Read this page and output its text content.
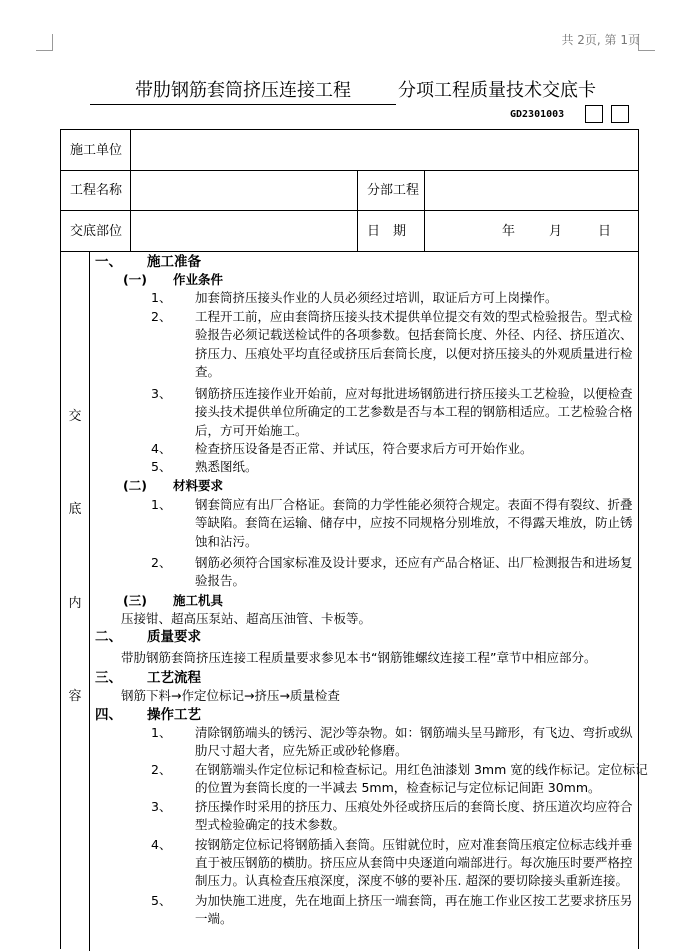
共 2页, 第 1页
带肋钢筋套筒挤压连接工程	分项工程质量技术交底卡
GD2301003
施工单位
工程名称	分部工程
交底部位	日　期	年	月	日
交
底
内
容
一、 施工准备
(一) 作业条件
1、 加套筒挤压接头作业的人员必须经过培训，取证后方可上岗操作。
2、 工程开工前，应由套筒挤压接头技术提供单位提交有效的型式检验报告。型式检
验报告必须记载送检试件的各项参数。包括套筒长度、外径、内径、挤压道次、
挤压力、压痕处平均直径或挤压后套筒长度，以便对挤压接头的外观质量进行检
查。
3、 钢筋挤压连接作业开始前，应对每批进场钢筋进行挤压接头工艺检验，以便检查
接头技术提供单位所确定的工艺参数是否与本工程的钢筋相适应。工艺检验合格
后，方可开始施工。
4、 检查挤压设备是否正常、并试压，符合要求后方可开始作业。
5、 熟悉图纸。
(二) 材料要求
1、 钢套筒应有出厂合格证。套筒的力学性能必须符合规定。表面不得有裂纹、折叠
等缺陷。套筒在运输、储存中，应按不同规格分别堆放，不得露天堆放，防止锈
蚀和沾污。
2、 钢筋必须符合国家标准及设计要求，还应有产品合格证、出厂检测报告和进场复
验报告。
(三) 施工机具
压接钳、超高压泵站、超高压油管、卡板等。
二、 质量要求
带肋钢筋套筒挤压连接工程质量要求参见本书“钢筋锥螺纹连接工程”章节中相应部分。
三、 工艺流程
钢筋下料→作定位标记→挤压→质量检查
四、 操作工艺
1、 清除钢筋端头的锈污、泥沙等杂物。如：钢筋端头呈马蹄形，有飞边、弯折或纵
肋尺寸超大者，应先矫正或砂轮修磨。
2、 在钢筋端头作定位标记和检查标记。用红色油漆划 3mm 宽的线作标记。定位标记
的位置为套筒长度的一半减去 5mm，检查标记与定位标记间距 30mm。
3、 挤压操作时采用的挤压力、压痕处外径或挤压后的套筒长度、挤压道次均应符合
型式检验确定的技术参数。
4、 按钢筋定位标记将钢筋插入套筒。压钳就位时，应对准套筒压痕定位标志线并垂
直于被压钢筋的横肋。挤压应从套筒中央逐道向端部进行。每次施压时要严格控
制压力。认真检查压痕深度，深度不够的要补压. 超深的要切除接头重新连接。
5、 为加快施工进度，先在地面上挤压一端套筒，再在施工作业区按工艺要求挤压另
一端。
